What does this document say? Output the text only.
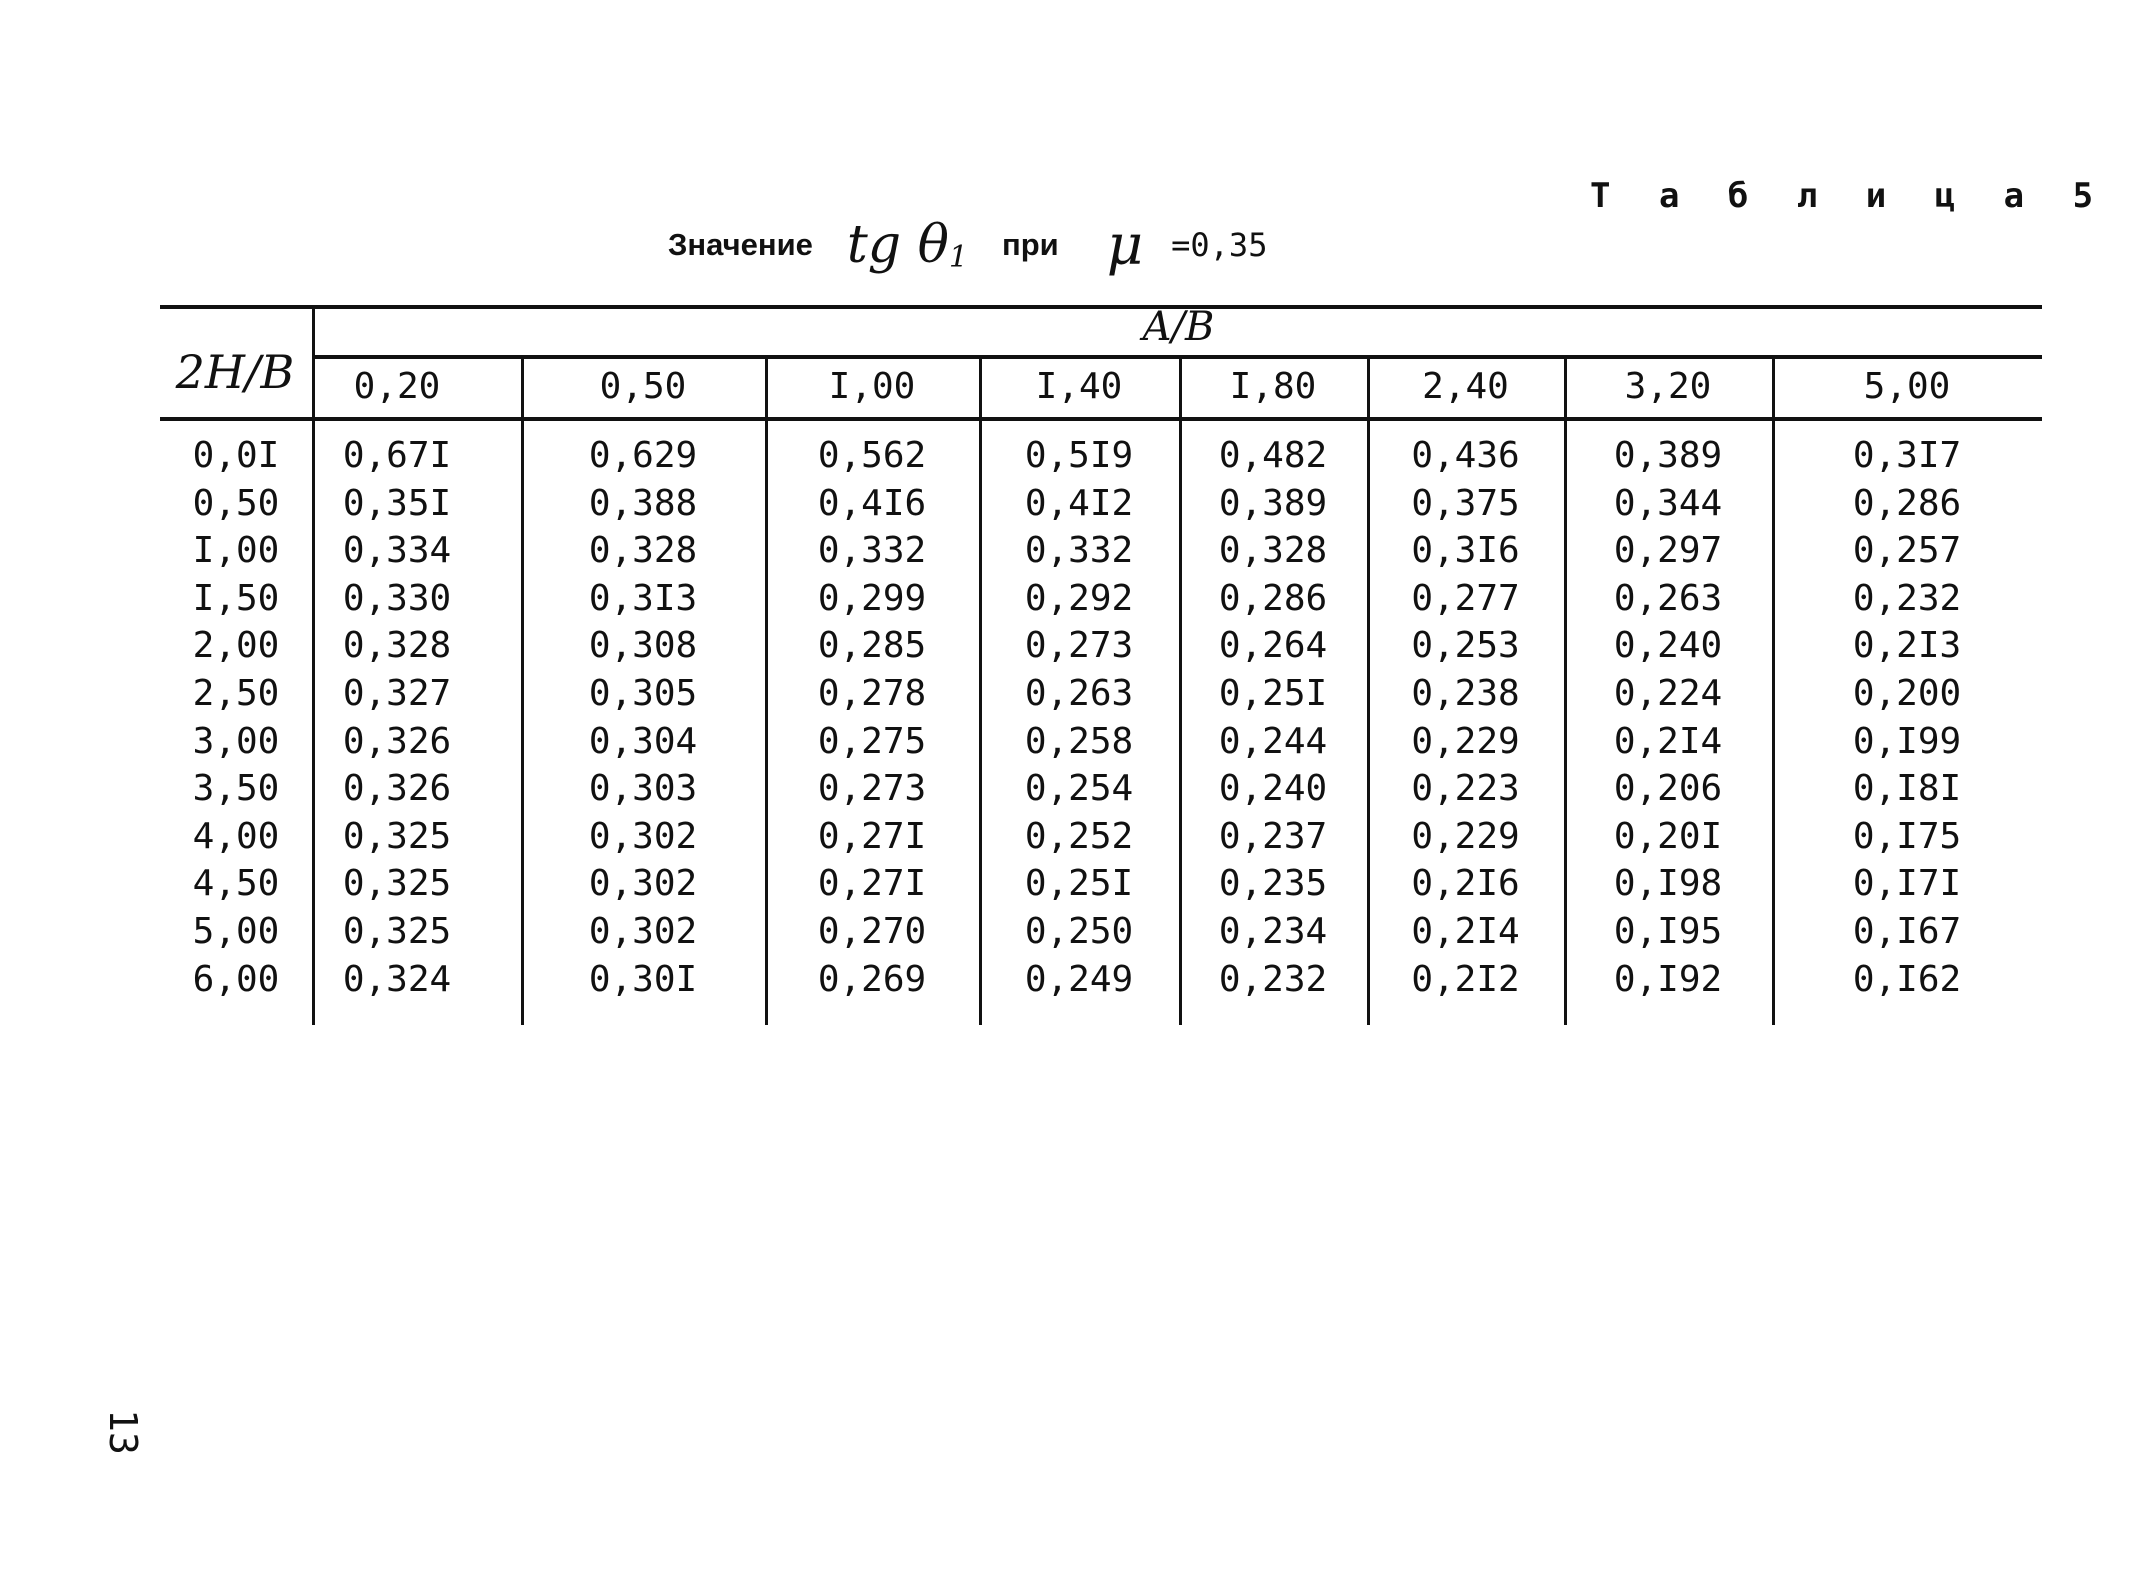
Т а б л и ц а 5
Значение tg θ 1 при μ =0,35
2H/B
A/B
0,20	0,50	I,00	I,40	I,80	2,40	3,20	5,00
0,0I	0,67I	0,629	0,562	0,5I9	0,482	0,436	0,389	0,3I7
0,50	0,35I	0,388	0,4I6	0,4I2	0,389	0,375	0,344	0,286
I,00	0,334	0,328	0,332	0,332	0,328	0,3I6	0,297	0,257
I,50	0,330	0,3I3	0,299	0,292	0,286	0,277	0,263	0,232
2,00	0,328	0,308	0,285	0,273	0,264	0,253	0,240	0,2I3
2,50	0,327	0,305	0,278	0,263	0,25I	0,238	0,224	0,200
3,00	0,326	0,304	0,275	0,258	0,244	0,229	0,2I4	0,I99
3,50	0,326	0,303	0,273	0,254	0,240	0,223	0,206	0,I8I
4,00	0,325	0,302	0,27I	0,252	0,237	0,229	0,20I	0,I75
4,50	0,325	0,302	0,27I	0,25I	0,235	0,2I6	0,I98	0,I7I
5,00	0,325	0,302	0,270	0,250	0,234	0,2I4	0,I95	0,I67
6,00	0,324	0,30I	0,269	0,249	0,232	0,2I2	0,I92	0,I62
13
